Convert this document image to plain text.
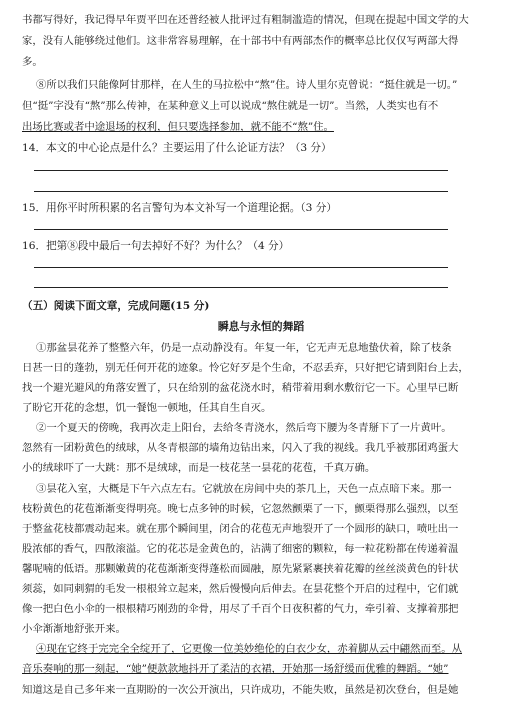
书都写得好，我记得早年贾平凹在还普经被人批评过有粗制滥造的情况，但现在提起中国文学的大
家，没有人能够绕过他们。这非常容易理解，在十部书中有两部杰作的概率总比仅仅写两部大得
多。
⑧所以我们只能像阿甘那样，在人生的马拉松中“熬”住。诗人里尔克曾说：“挺住就是一切。”
但“挺”字没有“熬”那么传神，在某种意义上可以说成“熬住就是一切”。当然，人类实也有不
出场比赛或者中途退场的权利，但只要选择参加，就不能不“熬”住。
14．本文的中心论点是什么？主要运用了什么论证方法？（3 分）
15．用你平时所积累的名言警句为本文补写一个道理论据。（3 分）
16．把第⑧段中最后一句去掉好不好？为什么？（4 分）
（五）阅读下面文章，完成问题(15 分)
瞬息与永恒的舞蹈
①那盆昙花养了整整六年，仍是一点动静没有。年复一年，它无声无息地蛰伏着，除了枝条
日甚一日的蓬勃，别无任何开花的迹象。怜它好歹是个生命，不忍丢弃，只好把它请到阳台上去，
找一个避光避风的角落安置了，只在给别的盆花浇水时，稍带着用剩水敷衍它一下。心里早已断
了盼它开花的念想，饥一餐饱一顿地，任其自生自灭。
②一个夏天的傍晚，我再次走上阳台，去给冬青浇水，然后弯下腰为冬青掰下了一片黄叶。
忽然有一团粉黄色的绒球，从冬青根部的墙角边钻出来，闪入了我的视线。我几乎被那团鸡蛋大
小的绒球吓了一大跳：那不是绒球，而是一枝花茎一昙花的花苞，千真万确。
③昙花入室，大概是下午六点左右。它就放在房间中央的茶几上，天色一点点暗下来。那一
枝粉黄色的花苞渐渐变得明亮。晚七点多钟的时候，它忽然颤栗了一下，颤栗得那么强烈，以至
于整盆花枝都震动起来。就在那个瞬间里，闭合的花苞无声地裂开了一个圆形的缺口，喷吐出一
股浓郁的香气，四散滚溢。它的花芯是金黄色的，沾满了细密的颗粒，每一粒花粉都在传递着温
馨呢喃的低语。那颗嫩黄的花苞渐渐变得蓬松而圆融，原先紧紧裹挟着花瓣的丝丝淡黄色的针状
须蕊，如同刺猬的毛发一根根耸立起来，然后慢慢向后伸去。在昙花整个开启的过程中，它们就
像一把白色小伞的一根根精巧刚劲的伞骨，用尽了千百个日夜积蓄的气力，牵引着、支撑着那把
小伞渐渐地舒张开来。
④现在它终于完完全全绽开了，它更像一位美妙绝伦的白衣少女，赤着脚从云中翩然而至。从
音乐奏响的那一刻起，“她”便款款地抖开了柔洁的衣裙，开始那一场舒缓而优雅的舞蹈。“她”
知道这是自己多年来一直期盼的一次公开演出，只许成功，不能失败，虽然是初次登台，但是她
